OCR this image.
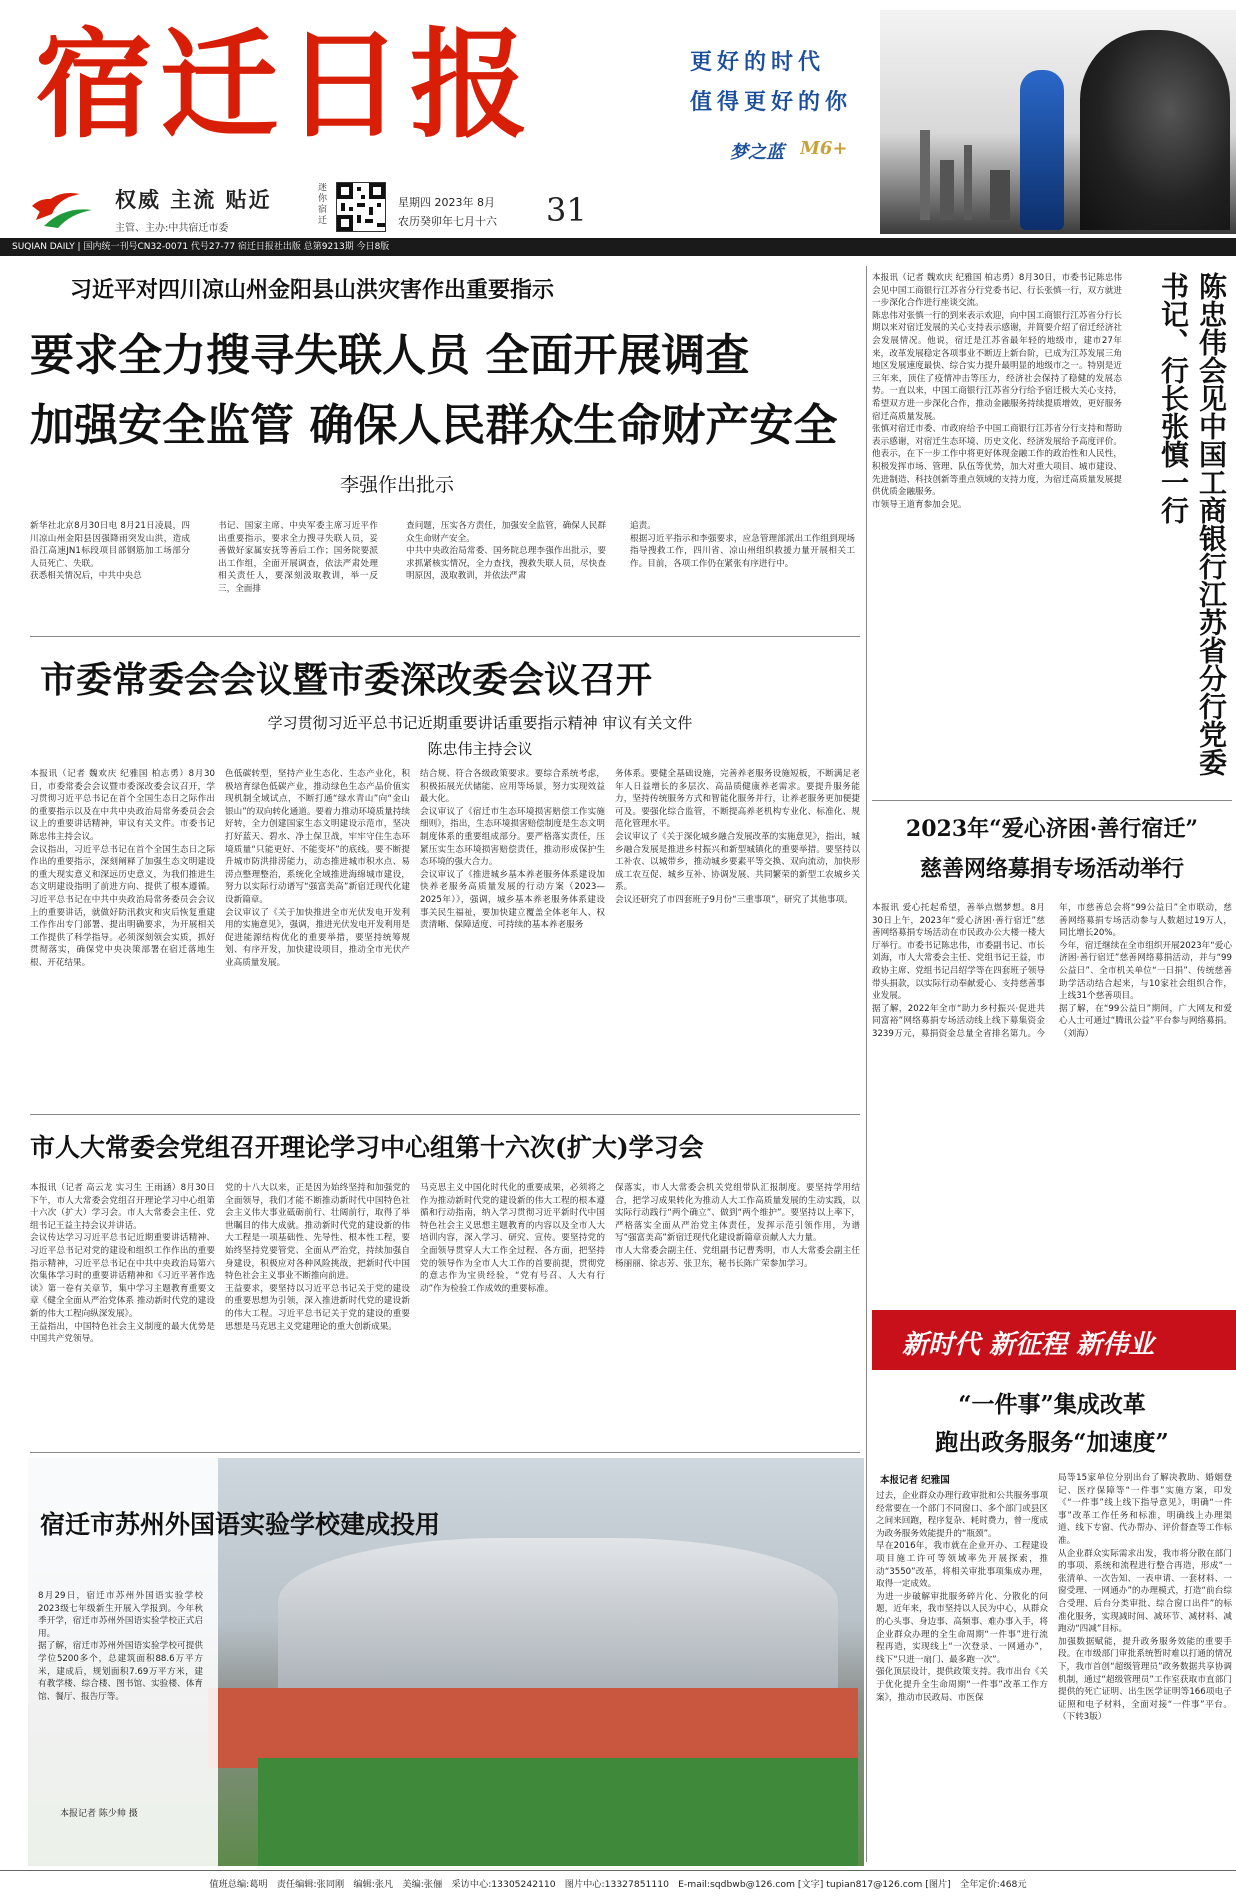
宿 迁 日 报
权威 主流 贴近
主管、主办:中共宿迁市委
迷你宿迁
星期四 2023年 8月
农历癸卯年七月十六	31
更好的时代
值得更好的你
梦之蓝 M6+
SUQIAN DAILY | 国内统一刊号CN32-0071 代号27-77 宿迁日报社出版 总第9213期 今日8版
习近平对四川凉山州金阳县山洪灾害作出重要指示
要求全力搜寻失联人员 全面开展调查
加强安全监管 确保人民群众生命财产安全
李强作出批示
新华社北京8月30日电 8月21日凌晨，四川凉山州金阳县因强降雨突发山洪，造成沿江高速JN1标段项目部钢筋加工场部分人员死亡、失联。
获悉相关情况后，中共中央总
书记、国家主席、中央军委主席习近平作出重要指示，要求全力搜寻失联人员，妥善做好家属安抚等善后工作；国务院要派出工作组，全面开展调查，依法严肃处理相关责任人，要深刻汲取教训，举一反三，全面排
查问题，压实各方责任，加强安全监管，确保人民群众生命财产安全。
中共中央政治局常委、国务院总理李强作出批示，要求抓紧核实情况，全力查找，搜救失联人员，尽快查明原因，汲取教训，并依法严肃
追责。
根据习近平指示和李强要求，应急管理部派出工作组到现场指导搜救工作，四川省、凉山州组织救援力量开展相关工作。目前，各项工作仍在紧张有序进行中。
市委常委会会议暨市委深改委会议召开
学习贯彻习近平总书记近期重要讲话重要指示精神 审议有关文件
陈忠伟主持会议
本报讯（记者 魏欢庆 纪雅国 柏志勇）8月30日，市委常委会会议暨市委深改委会议召开，学习贯彻习近平总书记在首个全国生态日之际作出的重要指示以及在中共中央政治局常务委员会会议上的重要讲话精神，审议有关文件。市委书记陈忠伟主持会议。
会议指出，习近平总书记在首个全国生态日之际作出的重要指示，深刻阐释了加强生态文明建设的重大现实意义和深远历史意义，为我们推进生态文明建设指明了前进方向、提供了根本遵循。习近平总书记在中共中央政治局常务委员会会议上的重要讲话，就做好防汛救灾和灾后恢复重建工作作出专门部署、提出明确要求，为开展相关工作提供了科学指导。必须深刻领会实质，抓好贯彻落实，确保党中央决策部署在宿迁落地生根、开花结果。
色低碳转型，坚持产业生态化、生态产业化，积极培育绿色低碳产业，推动绿色生态产品价值实现机制全域试点，不断打通“绿水青山”向“金山银山”的双向转化通道。要着力推动环境质量持续好转，全力创建国家生态文明建设示范市，坚决打好蓝天、碧水、净土保卫战，牢牢守住生态环境质量“只能更好、不能变坏”的底线。要不断提升城市防洪排涝能力，动态推进城市积水点、易涝点整理整治，系统化全域推进海绵城市建设，努力以实际行动谱写“强富美高”新宿迁现代化建设新篇章。
会议审议了《关于加快推进全市光伏发电开发利用的实施意见》，强调，推进光伏发电开发利用是促进能源结构优化的重要举措，要坚持统筹规划、有序开发，加快建设项目，推动全市光伏产业高质量发展。
结合规、符合各级政策要求。要综合系统考虑，积极拓展光伏储能、应用等场景，努力实现效益最大化。
会议审议了《宿迁市生态环境损害赔偿工作实施细则》，指出，生态环境损害赔偿制度是生态文明制度体系的重要组成部分。要严格落实责任，压紧压实生态环境损害赔偿责任，推动形成保护生态环境的强大合力。
会议审议了《推进城乡基本养老服务体系建设加快养老服务高质量发展的行动方案（2023—2025年）》，强调，城乡基本养老服务体系建设事关民生福祉，要加快建立覆盖全体老年人、权责清晰、保障适度、可持续的基本养老服务
务体系。要健全基础设施，完善养老服务设施短板，不断满足老年人日益增长的多层次、高品质健康养老需求。要提升服务能力，坚持传统服务方式和智能化服务并行，让养老服务更加便捷可及。要强化综合监管，不断提高养老机构专业化、标准化、规范化管理水平。
会议审议了《关于深化城乡融合发展改革的实施意见》，指出，城乡融合发展是推进乡村振兴和新型城镇化的重要举措。要坚持以工补农、以城带乡，推动城乡要素平等交换、双向流动，加快形成工农互促、城乡互补、协调发展、共同繁荣的新型工农城乡关系。
会议还研究了市四套班子9月份“三重事项”，研究了其他事项。
市人大常委会党组召开理论学习中心组第十六次(扩大)学习会
本报讯（记者 高云龙 实习生 王雨涵）8月30日下午，市人大常委会党组召开理论学习中心组第十六次（扩大）学习会。市人大常委会主任、党组书记王益主持会议并讲话。
会议传达学习习近平总书记近期重要讲话精神、习近平总书记对党的建设和组织工作作出的重要指示精神，习近平总书记在中共中央政治局第六次集体学习时的重要讲话精神和《习近平著作选读》第一卷有关章节，集中学习主题教育重要文章《健全全面从严治党体系 推动新时代党的建设新的伟大工程向纵深发展》。
王益指出，中国特色社会主义制度的最大优势是中国共产党领导。
党的十八大以来，正是因为始终坚持和加强党的全面领导，我们才能不断推动新时代中国特色社会主义伟大事业砥砺前行、壮阔前行，取得了举世瞩目的伟大成就。推动新时代党的建设新的伟大工程是一项基础性、先导性、根本性工程，要始终坚持党要管党、全面从严治党，持续加强自身建设，积极应对各种风险挑战，把新时代中国特色社会主义事业不断推向前进。
王益要求，要坚持以习近平总书记关于党的建设的重要思想为引领，深入推进新时代党的建设新的伟大工程。习近平总书记关于党的建设的重要思想是马克思主义党建理论的重大创新成果。
马克思主义中国化时代化的重要成果，必须将之作为推动新时代党的建设新的伟大工程的根本遵循和行动指南，纳入学习贯彻习近平新时代中国特色社会主义思想主题教育的内容以及全市人大培训内容，深入学习、研究、宣传。要坚持党的全面领导贯穿人大工作全过程、各方面，把坚持党的领导作为全市人大工作的首要前提，贯彻党的意志作为宝贵经验，“党有号召、人大有行动”作为检验工作成效的重要标准。
保落实，市人大常委会机关党组带队汇报制度。要坚持学用结合，把学习成果转化为推动人大工作高质量发展的生动实践，以实际行动践行“两个确立”、做到“两个维护”。要坚持以上率下，严格落实全面从严治党主体责任，发挥示范引领作用，为谱写“强富美高”新宿迁现代化建设新篇章贡献人大力量。
市人大常委会副主任、党组副书记曹秀明，市人大常委会副主任杨丽丽、徐志芳、张卫东，秘书长陈广荣参加学习。
宿迁市苏州外国语实验学校建成投用
8月29日，宿迁市苏州外国语实验学校2023级七年级新生开展入学报到。今年秋季开学，宿迁市苏州外国语实验学校正式启用。
据了解，宿迁市苏州外国语实验学校可提供学位5200多个，总建筑面积88.6万平方米，建成后，规划面积7.69万平方米，建有教学楼、综合楼、图书馆、实验楼、体育馆、餐厅、报告厅等。
本报记者 陈少帅 摄
本报讯（记者 魏欢庆 纪雅国 柏志勇）8月30日，市委书记陈忠伟会见中国工商银行江苏省分行党委书记、行长张慎一行，双方就进一步深化合作进行座谈交流。
陈忠伟对张慎一行的到来表示欢迎，向中国工商银行江苏省分行长期以来对宿迁发展的关心支持表示感谢，并简要介绍了宿迁经济社会发展情况。他说，宿迁是江苏省最年轻的地级市，建市27年来，改革发展稳定各项事业不断迈上新台阶，已成为江苏发展三角地区发展速度最快、综合实力提升最明显的地级市之一。特别是近三年来，顶住了疫情冲击等压力，经济社会保持了稳健的发展态势。一直以来，中国工商银行江苏省分行给予宿迁极大关心支持，希望双方进一步深化合作，推动金融服务持续提质增效，更好服务宿迁高质量发展。
张慎对宿迁市委、市政府给予中国工商银行江苏省分行支持和帮助表示感谢，对宿迁生态环境、历史文化、经济发展给予高度评价。他表示，在下一步工作中将更好体现金融工作的政治性和人民性，积极发挥市场、管理、队伍等优势，加大对重大项目、城市建设、先进制造、科技创新等重点领域的支持力度，为宿迁高质量发展提供优质金融服务。
市领导王道育参加会见。	陈忠伟会见中国工商银行江苏省分行党委书记、行长张慎一行
2023年“爱心济困·善行宿迁”
慈善网络募捐专场活动举行
本报讯 爱心托起希望，善举点燃梦想。8月30日上午，2023年“爱心济困·善行宿迁”慈善网络募捐专场活动在市民政办公大楼一楼大厅举行。市委书记陈忠伟，市委副书记、市长刘海，市人大常委会主任、党组书记王益，市政协主席、党组书记吕绍学等在四套班子领导带头捐款，以实际行动奉献爱心、支持慈善事业发展。
据了解，2022年全市“助力乡村振兴·促进共同富裕”网络募捐专场活动线上线下募集资金3239万元，募捐资金总量全省排名第九。今年，市慈善总会将“99公益日”全市联动，慈善网络募捐专场活动参与人数超过19万人，同比增长20%。
今年，宿迁继续在全市组织开展2023年“爱心济困·善行宿迁”慈善网络募捐活动，并与“99公益日”、全市机关单位“一日捐”、传统慈善助学活动结合起来，与10家社会组织合作，上线31个慈善项目。
据了解，在“99公益日”期间，广大网友和爱心人士可通过“腾讯公益”平台参与网络募捐。（刘海）
新时代 新征程 新伟业
“一件事”集成改革
跑出政务服务“加速度”
本报记者 纪雅国
过去，企业群众办理行政审批和公共服务事项经常要在一个部门不同窗口、多个部门或县区之间来回跑，程序复杂、耗时费力，曾一度成为政务服务效能提升的“瓶颈”。
早在2016年，我市就在企业开办、工程建设项目施工许可等领域率先开展探索，推动“3550”改革，将相关审批事项集成办理，取得一定成效。
为进一步破解审批服务碎片化、分散化的问题，近年来，我市坚持以人民为中心，从群众的心头事、身边事、高频事、难办事入手，将企业群众办理的全生命周期“一件事”进行流程再造，实现线上“一次登录、一网通办”，线下“只进一扇门、最多跑一次”。
强化顶层设计，提供政策支持。我市出台《关于优化提升全生命周期“一件事”改革工作方案》，推动市民政局、市医保
局等15家单位分别出台了解决教助、婚姻登记、医疗保障等“一件事”实施方案，印发《“一件事”线上线下指导意见》，明确“一件事”改革工作任务和标准，明确线上办理渠道、线下专窗、代办帮办、评价督查等工作标准。
从企业群众实际需求出发，我市将分散在部门的事项、系统和流程进行整合再造，形成“一张清单、一次告知、一表申请、一套材料、一窗受理、一网通办”的办理模式，打造“前台综合受理、后台分类审批、综合窗口出件”的标准化服务，实现减时间、减环节、减材料、减跑动“四减”目标。
加强数据赋能，提升政务服务效能的重要手段。在市级部门审批系统暂时难以打通的情况下，我市首创“超级管理员”政务数据共享协调机制，通过“超级管理员”工作室获取市直部门提供的死亡证明、出生医学证明等166项电子证照和电子材料，全面对接“一件事”平台。（下转3版）
值班总编:葛明　责任编辑:张同刚　编辑:张凡　美编:张俪　采访中心:13305242110　图片中心:13327851110　E-mail:sqdbwb@126.com [文字] tupian817@126.com [图片]　全年定价:468元
